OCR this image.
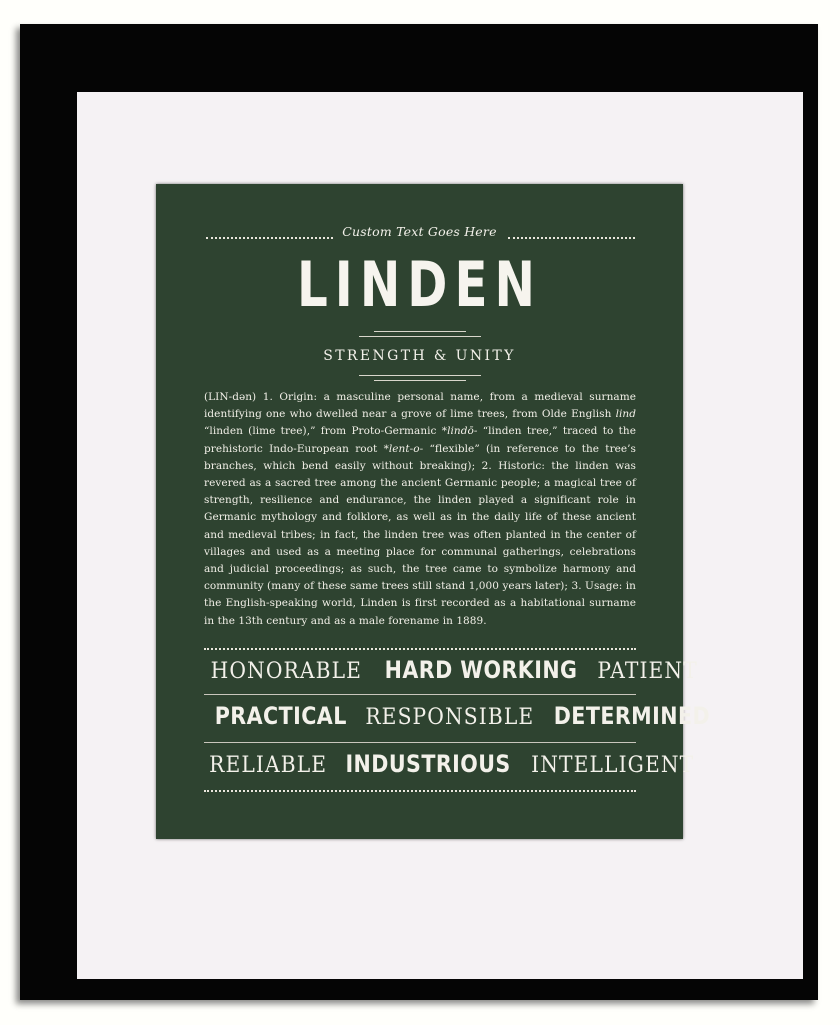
Custom Text Goes Here
LINDEN
STRENGTH & UNITY
(LIN-dən) 1. Origin: a masculine personal name, from a medieval surname identifying one who dwelled near a grove of lime trees, from Olde English lind “linden (lime tree),” from Proto-Germanic *lindō- “linden tree,” traced to the prehistoric Indo-European root *lent-o- “flexible” (in reference to the tree’s branches, which bend easily without breaking); 2. Historic: the linden was revered as a sacred tree among the ancient Germanic people; a magical tree of strength, resilience and endurance, the linden played a significant role in Germanic mythology and folklore, as well as in the daily life of these ancient and medieval tribes; in fact, the linden tree was often planted in the center of villages and used as a meeting place for communal gatherings, celebrations and judicial proceedings; as such, the tree came to symbolize harmony and community (many of these same trees still stand 1,000 years later); 3. Usage: in the English-speaking world, Linden is first recorded as a habitational surname in the 13th century and as a male forename in 1889.
HONORABLE HARD WORKING PATIENT
PRACTICAL RESPONSIBLE DETERMINED
RELIABLE INDUSTRIOUS INTELLIGENT
